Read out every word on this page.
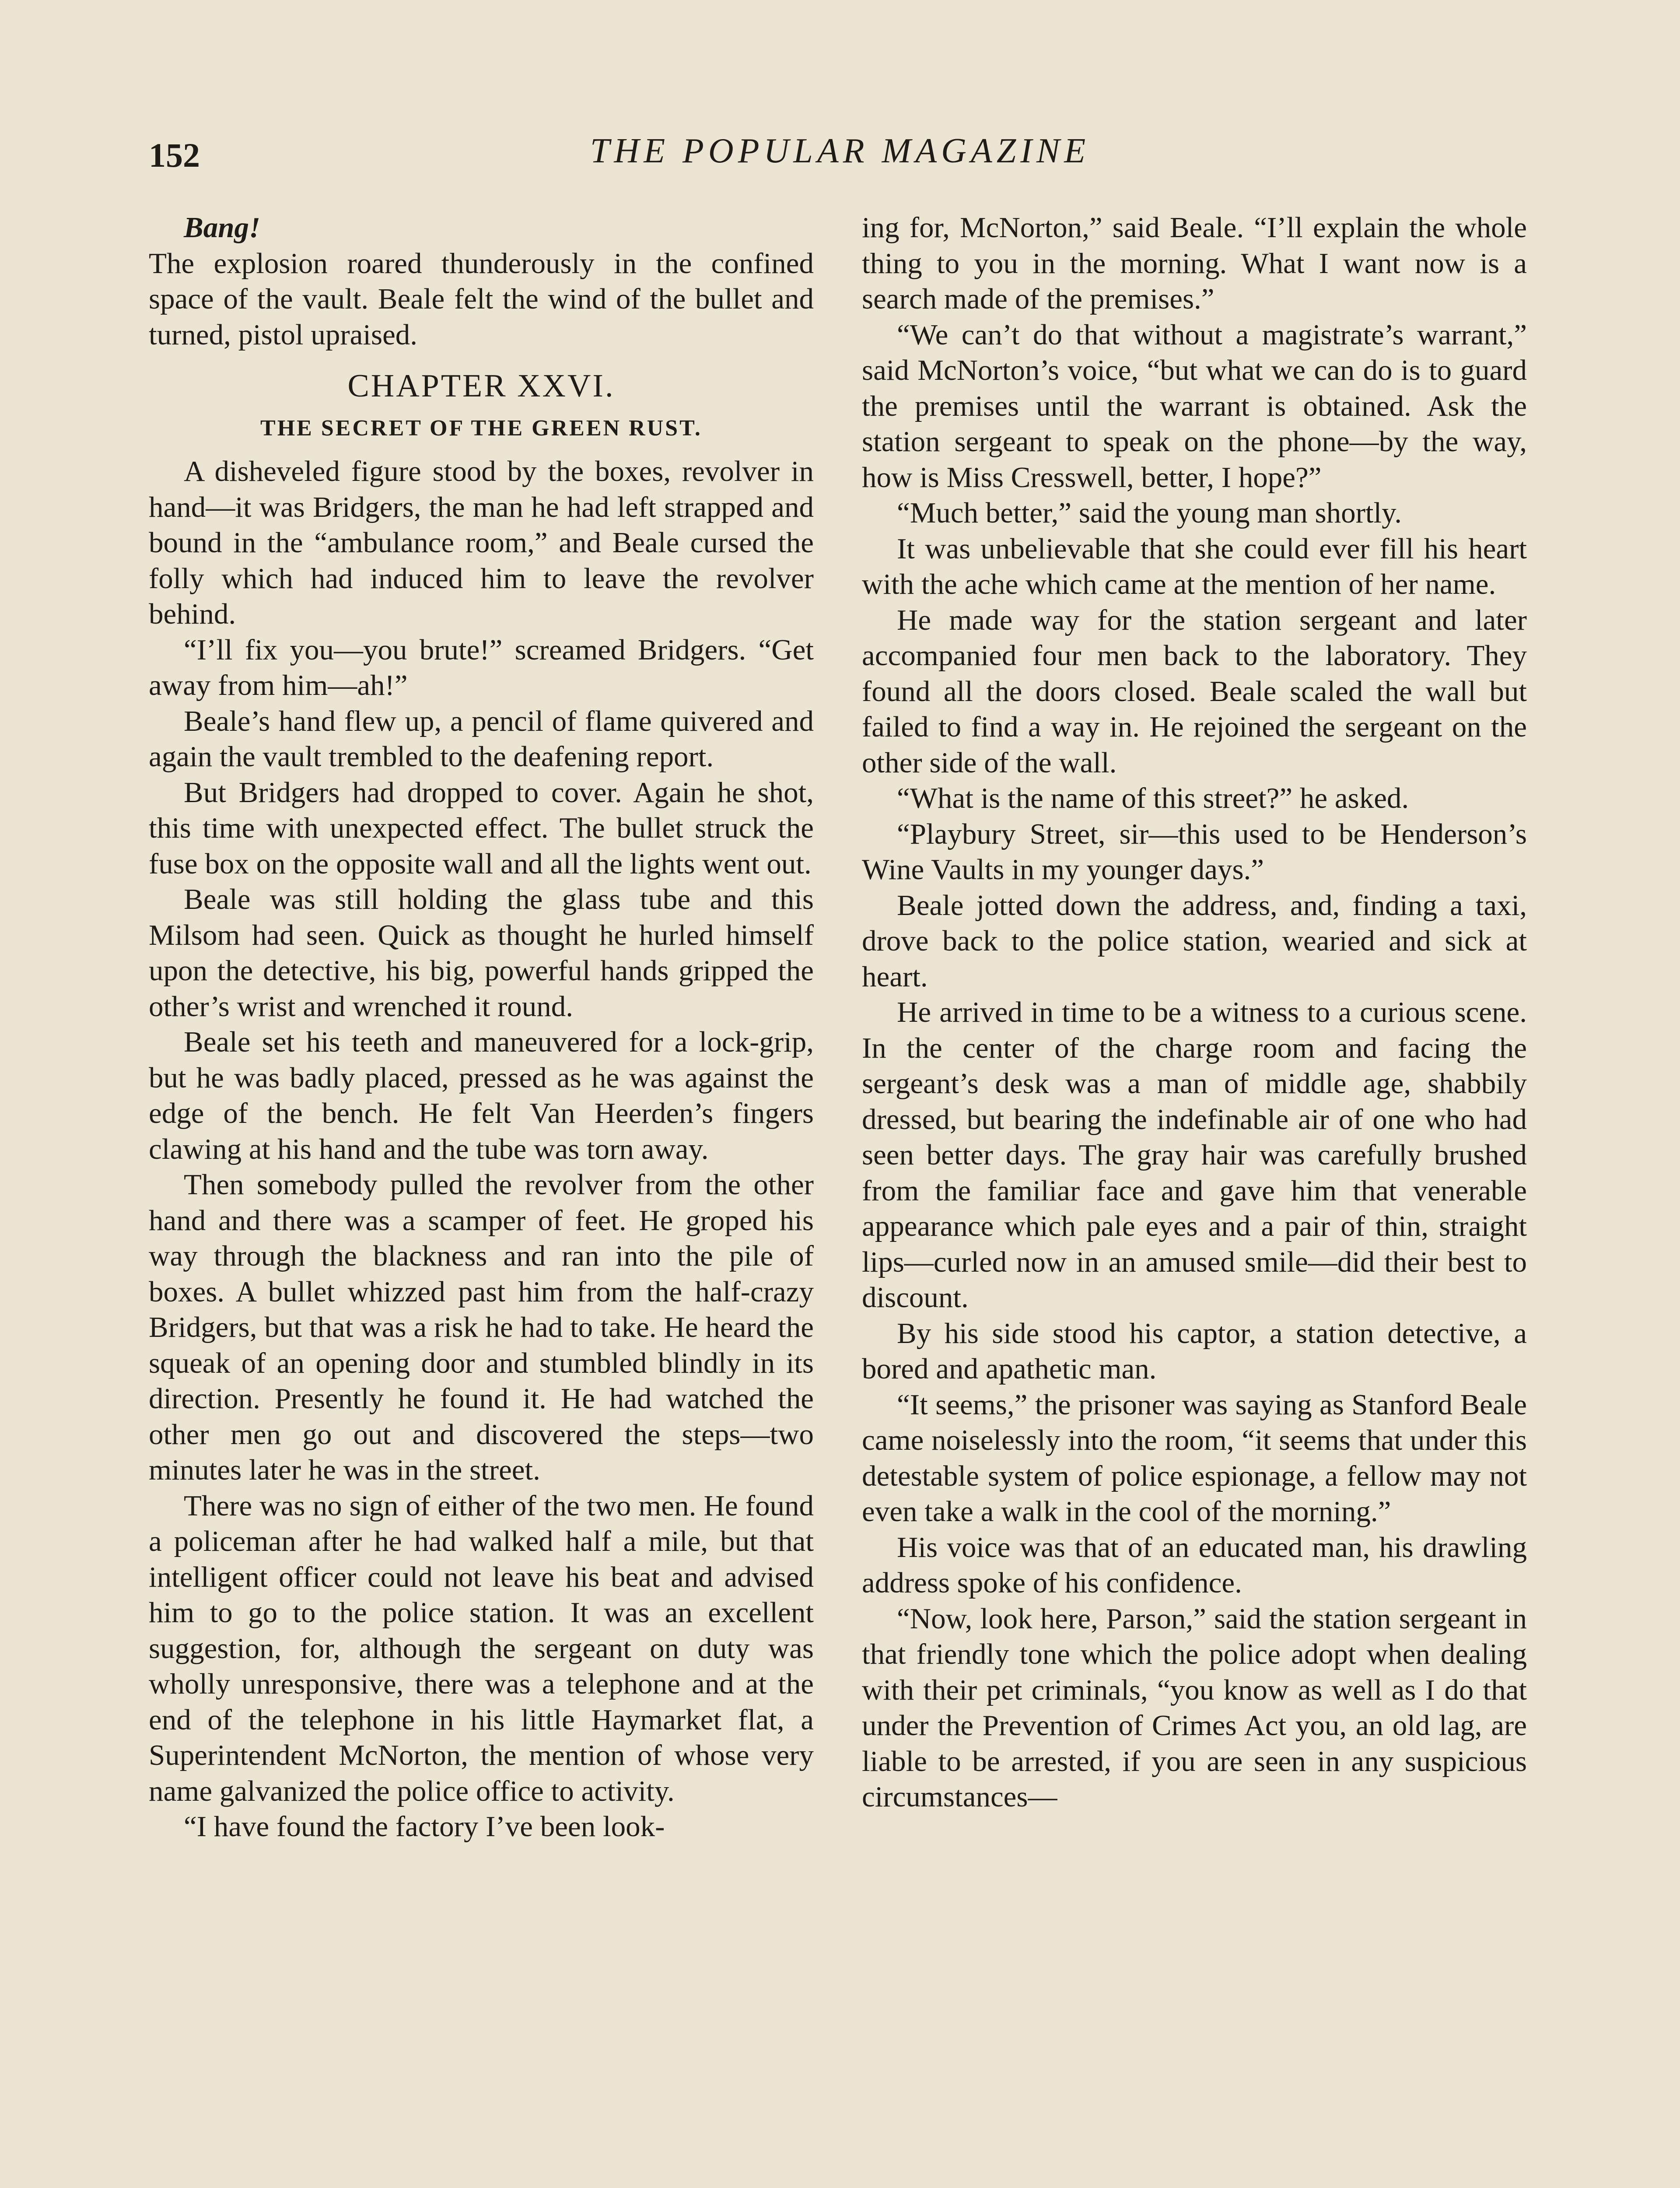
152	THE POPULAR MAGAZINE

Bang!

The explosion roared thunderously in the confined space of the vault. Beale felt the wind of the bullet and turned, pistol upraised.

CHAPTER XXVI.
THE SECRET OF THE GREEN RUST.

A disheveled figure stood by the boxes, revolver in hand—it was Bridgers, the man he had left strapped and bound in the “ambulance room,” and Beale cursed the folly which had induced him to leave the revolver behind.

“I’ll fix you—you brute!” screamed Bridgers. “Get away from him—ah!”

Beale’s hand flew up, a pencil of flame quivered and again the vault trembled to the deafening report.

But Bridgers had dropped to cover. Again he shot, this time with unexpected effect. The bullet struck the fuse box on the opposite wall and all the lights went out.

Beale was still holding the glass tube and this Milsom had seen. Quick as thought he hurled himself upon the detective, his big, powerful hands gripped the other’s wrist and wrenched it round.

Beale set his teeth and maneuvered for a lock-grip, but he was badly placed, pressed as he was against the edge of the bench. He felt Van Heerden’s fingers clawing at his hand and the tube was torn away.

Then somebody pulled the revolver from the other hand and there was a scamper of feet. He groped his way through the blackness and ran into the pile of boxes. A bullet whizzed past him from the half-crazy Bridgers, but that was a risk he had to take. He heard the squeak of an opening door and stumbled blindly in its direction. Presently he found it. He had watched the other men go out and discovered the steps—two minutes later he was in the street.

There was no sign of either of the two men. He found a policeman after he had walked half a mile, but that intelligent officer could not leave his beat and advised him to go to the police station. It was an excellent suggestion, for, although the sergeant on duty was wholly unresponsive, there was a telephone and at the end of the telephone in his little Haymarket flat, a Superintendent McNorton, the mention of whose very name galvanized the police office to activity.

“I have found the factory I’ve been look-

ing for, McNorton,” said Beale. “I’ll explain the whole thing to you in the morning. What I want now is a search made of the premises.”

“We can’t do that without a magistrate’s warrant,” said McNorton’s voice, “but what we can do is to guard the premises until the warrant is obtained. Ask the station sergeant to speak on the phone—by the way, how is Miss Cresswell, better, I hope?”

“Much better,” said the young man shortly.

It was unbelievable that she could ever fill his heart with the ache which came at the mention of her name.

He made way for the station sergeant and later accompanied four men back to the laboratory. They found all the doors closed. Beale scaled the wall but failed to find a way in. He rejoined the sergeant on the other side of the wall.

“What is the name of this street?” he asked.

“Playbury Street, sir—this used to be Henderson’s Wine Vaults in my younger days.”

Beale jotted down the address, and, finding a taxi, drove back to the police station, wearied and sick at heart.

He arrived in time to be a witness to a curious scene. In the center of the charge room and facing the sergeant’s desk was a man of middle age, shabbily dressed, but bearing the indefinable air of one who had seen better days. The gray hair was carefully brushed from the familiar face and gave him that venerable appearance which pale eyes and a pair of thin, straight lips—curled now in an amused smile—did their best to discount.

By his side stood his captor, a station detective, a bored and apathetic man.

“It seems,” the prisoner was saying as Stanford Beale came noiselessly into the room, “it seems that under this detestable system of police espionage, a fellow may not even take a walk in the cool of the morning.”

His voice was that of an educated man, his drawling address spoke of his confidence.

“Now, look here, Parson,” said the station sergeant in that friendly tone which the police adopt when dealing with their pet criminals, “you know as well as I do that under the Prevention of Crimes Act you, an old lag, are liable to be arrested, if you are seen in any suspicious circumstances—
